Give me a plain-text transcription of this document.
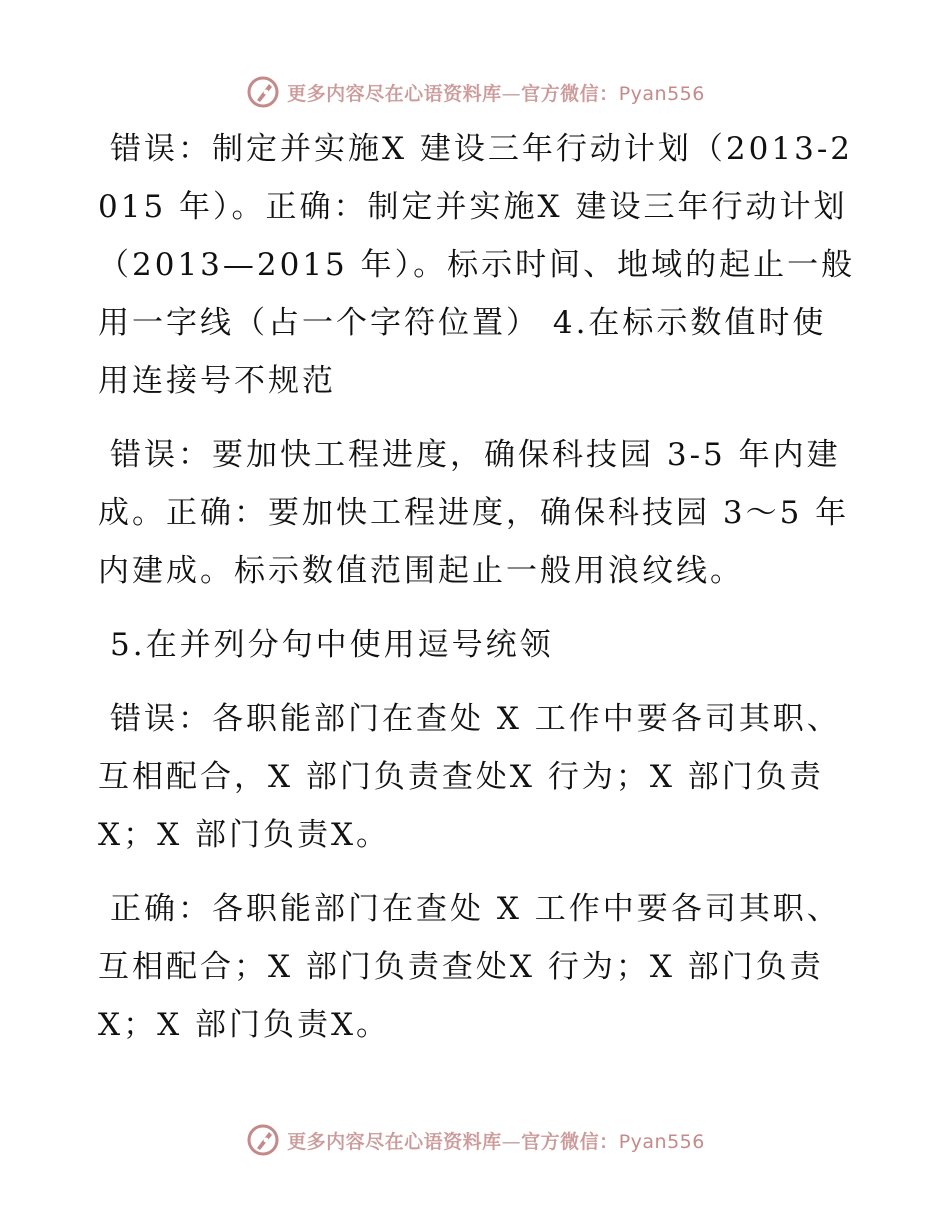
更多内容尽在心语资料库—官方微信：Pyan556

错误：制定并实施X 建设三年行动计划（2013-2015 年）。正确：制定并实施X 建设三年行动计划（2013—2015 年）。标示时间、地域的起止一般用一字线（占一个字符位置） 4.在标示数值时使用连接号不规范

错误：要加快工程进度，确保科技园 3-5 年内建成。正确：要加快工程进度，确保科技园 3～5 年内建成。标示数值范围起止一般用浪纹线。

5.在并列分句中使用逗号统领

错误：各职能部门在查处 X 工作中要各司其职、互相配合，X 部门负责查处X 行为；X 部门负责X；X 部门负责X。

正确：各职能部门在查处 X 工作中要各司其职、互相配合；X 部门负责查处X 行为；X 部门负责X；X 部门负责X。

更多内容尽在心语资料库—官方微信：Pyan556
